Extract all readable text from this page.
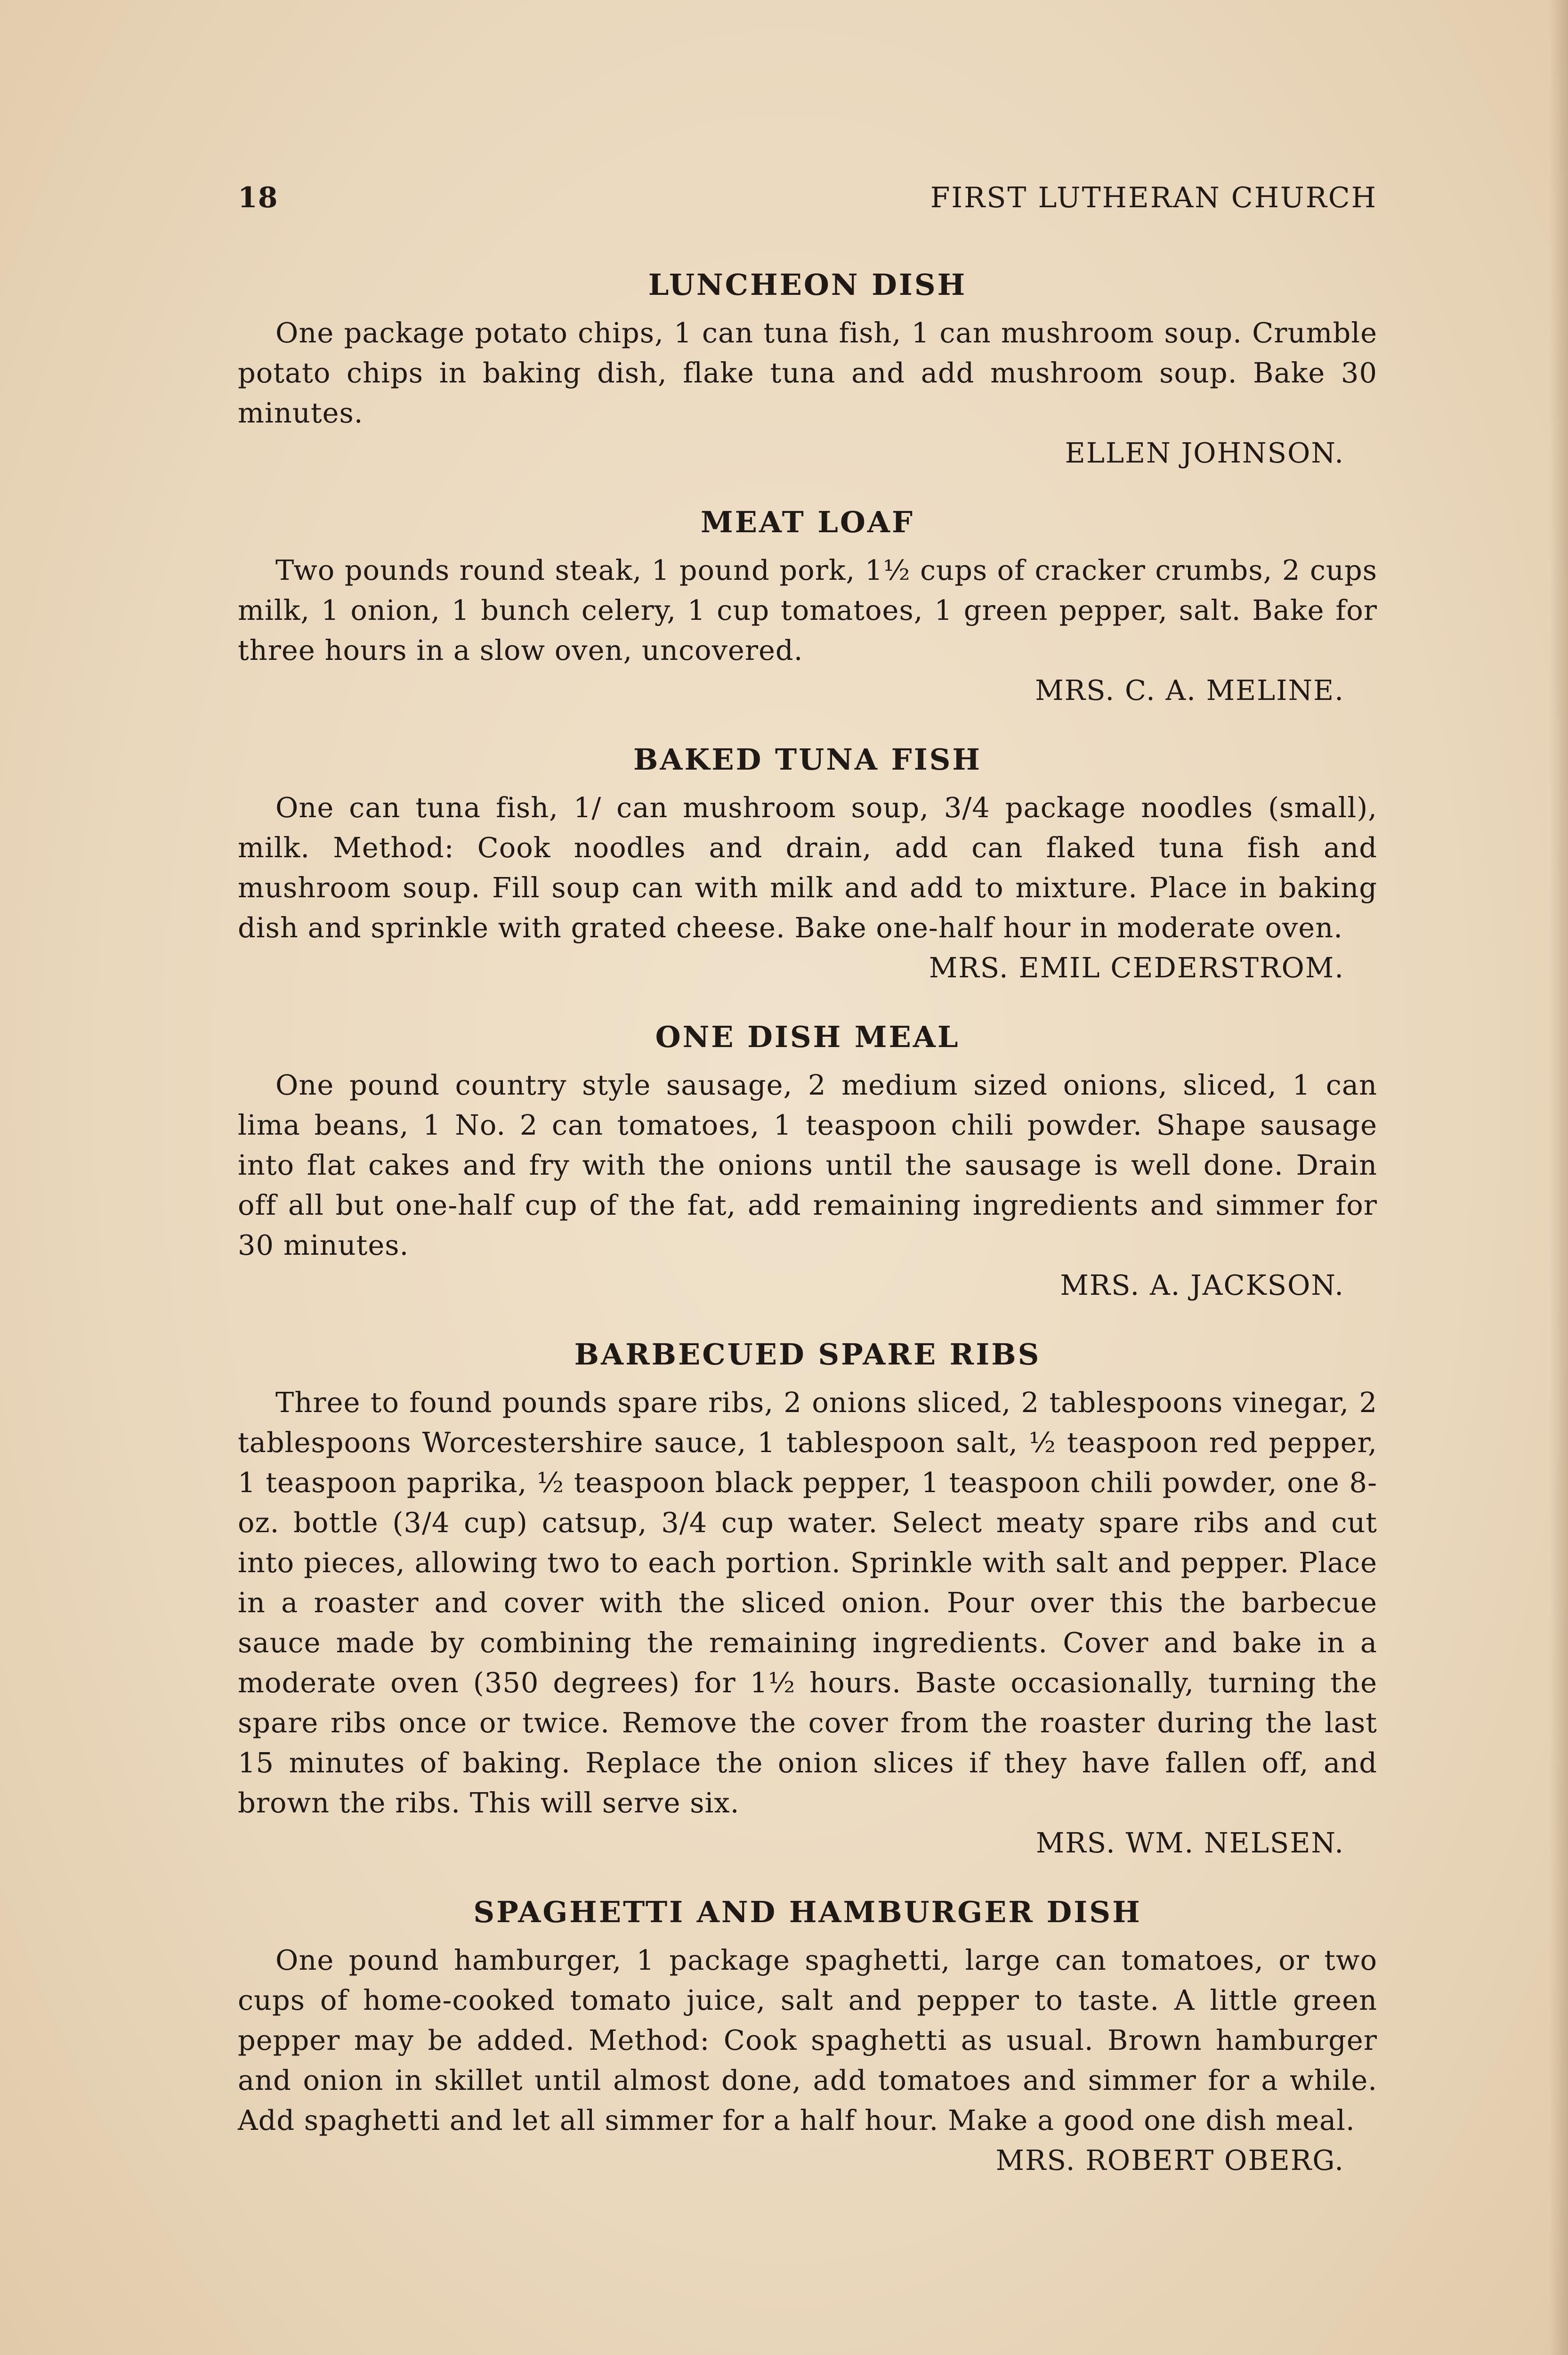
18	FIRST LUTHERAN CHURCH
LUNCHEON DISH

One package potato chips, 1 can tuna fish, 1 can mushroom soup. Crumble potato chips in baking dish, flake tuna and add mushroom soup. Bake 30 minutes.

ELLEN JOHNSON.

MEAT LOAF

Two pounds round steak, 1 pound pork, 1½ cups of cracker crumbs, 2 cups milk, 1 onion, 1 bunch celery, 1 cup tomatoes, 1 green pepper, salt. Bake for three hours in a slow oven, uncovered.

MRS. C. A. MELINE.

BAKED TUNA FISH

One can tuna fish, 1/ can mushroom soup, 3/4 package noodles (small), milk. Method: Cook noodles and drain, add can flaked tuna fish and mushroom soup. Fill soup can with milk and add to mixture. Place in baking dish and sprinkle with grated cheese. Bake one-half hour in moderate oven.

MRS. EMIL CEDERSTROM.

ONE DISH MEAL

One pound country style sausage, 2 medium sized onions, sliced, 1 can lima beans, 1 No. 2 can tomatoes, 1 teaspoon chili powder. Shape sausage into flat cakes and fry with the onions until the sausage is well done. Drain off all but one-half cup of the fat, add remaining ingredients and simmer for 30 minutes.

MRS. A. JACKSON.

BARBECUED SPARE RIBS

Three to found pounds spare ribs, 2 onions sliced, 2 tablespoons vinegar, 2 tablespoons Worcestershire sauce, 1 tablespoon salt, ½ teaspoon red pepper, 1 teaspoon paprika, ½ teaspoon black pepper, 1 teaspoon chili powder, one 8-oz. bottle (3/4 cup) catsup, 3/4 cup water. Select meaty spare ribs and cut into pieces, allowing two to each portion. Sprinkle with salt and pepper. Place in a roaster and cover with the sliced onion. Pour over this the barbecue sauce made by combining the remaining ingredients. Cover and bake in a moderate oven (350 degrees) for 1½ hours. Baste occasionally, turning the spare ribs once or twice. Remove the cover from the roaster during the last 15 minutes of baking. Replace the onion slices if they have fallen off, and brown the ribs. This will serve six.

MRS. WM. NELSEN.

SPAGHETTI AND HAMBURGER DISH

One pound hamburger, 1 package spaghetti, large can tomatoes, or two cups of home-cooked tomato juice, salt and pepper to taste. A little green pepper may be added. Method: Cook spaghetti as usual. Brown hamburger and onion in skillet until almost done, add tomatoes and simmer for a while. Add spaghetti and let all simmer for a half hour. Make a good one dish meal.

MRS. ROBERT OBERG.
